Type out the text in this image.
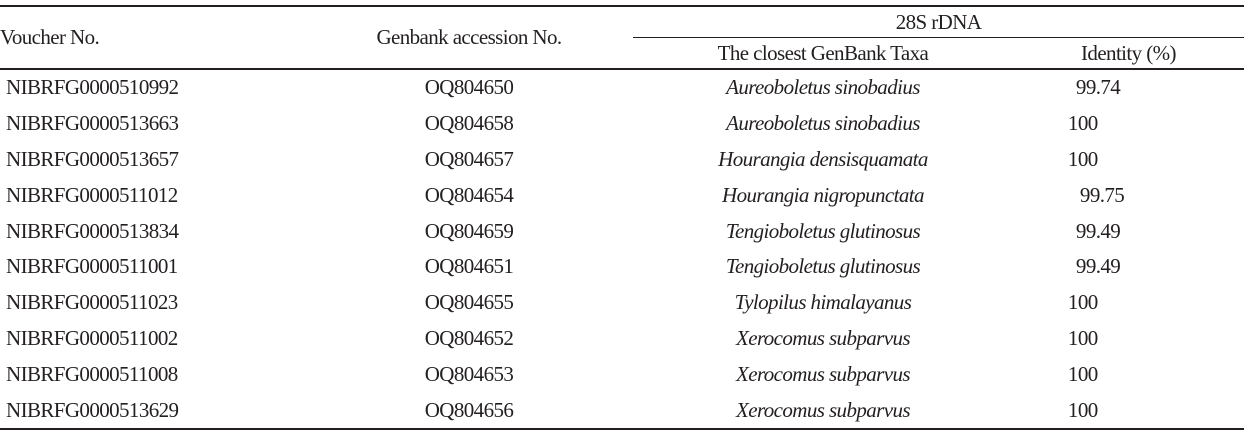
Voucher No.	Genbank accession No.	28S rDNA	
		The closest GenBank Taxa	Identity (%)

NIBRFG0000510992	OQ804650	Aureoboletus sinobadius	99.74
NIBRFG0000513663	OQ804658	Aureoboletus sinobadius	100
NIBRFG0000513657	OQ804657	Hourangia densisquamata	100
NIBRFG0000511012	OQ804654	Hourangia nigropunctata	99.75
NIBRFG0000513834	OQ804659	Tengioboletus glutinosus	99.49
NIBRFG0000511001	OQ804651	Tengioboletus glutinosus	99.49
NIBRFG0000511023	OQ804655	Tylopilus himalayanus	100
NIBRFG0000511002	OQ804652	Xerocomus subparvus	100
NIBRFG0000511008	OQ804653	Xerocomus subparvus	100
NIBRFG0000513629	OQ804656	Xerocomus subparvus	100
